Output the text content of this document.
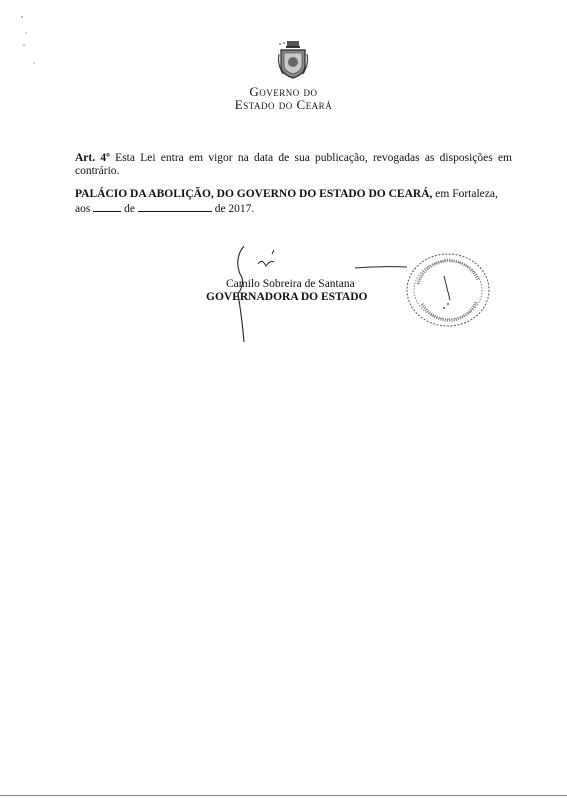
Governo do
Estado do Ceará
Art. 4º Esta Lei entra em vigor na data de sua publicação, revogadas as disposições em contrário.
PALÁCIO DA ABOLIÇÃO, DO GOVERNO DO ESTADO DO CEARÁ, em Fortaleza,
aos	de	de 2017.
Camilo Sobreira de Santana
GOVERNADORA DO ESTADO
